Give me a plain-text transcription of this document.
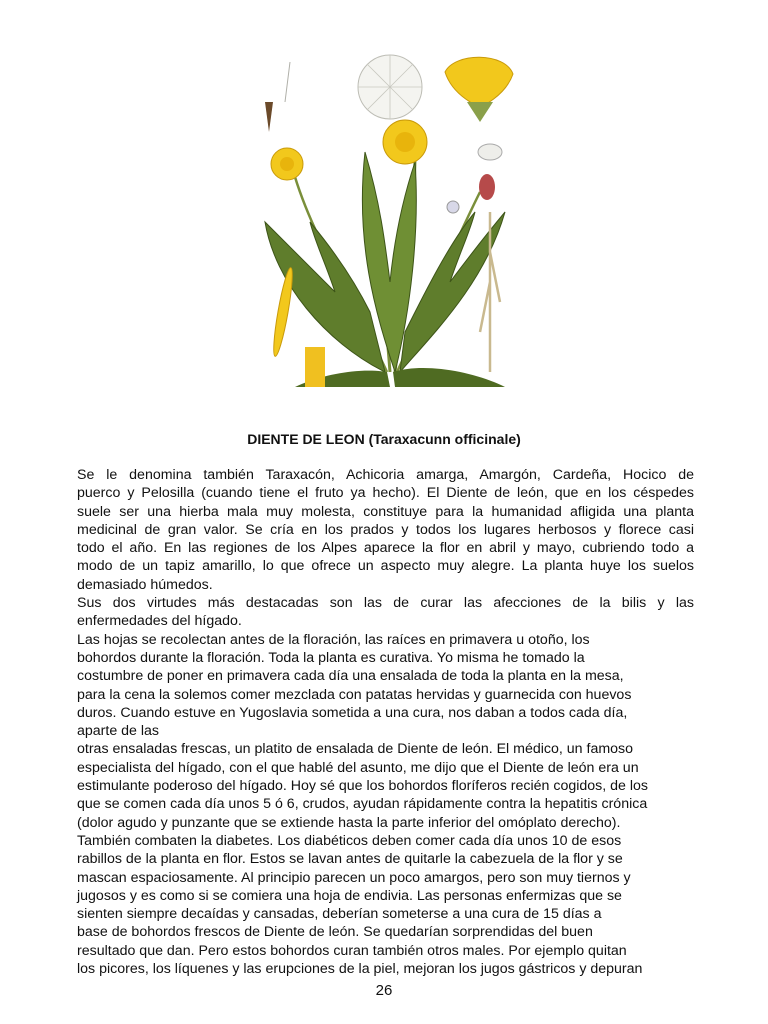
DIENTE DE LEON (Taraxacunn officinale)
Se le denomina también Taraxacón, Achicoria amarga, Amargón, Cardeña, Hocico de
puerco y Pelosilla (cuando tiene el fruto ya hecho). El Diente de león, que en los céspedes
suele ser una hierba mala muy molesta, constituye para la humanidad afligida una planta
medicinal de gran valor. Se cría en los prados y todos los lugares herbosos y florece casi
todo el año. En las regiones de los Alpes aparece la flor en abril y mayo, cubriendo todo a
modo de un tapiz amarillo, lo que ofrece un aspecto muy alegre. La planta huye los suelos
demasiado húmedos.
Sus dos virtudes más destacadas son las de curar las afecciones de la bilis y las
enfermedades del hígado.
Las hojas se recolectan antes de la floración, las raíces en primavera u otoño, los
bohordos durante la floración. Toda la planta es curativa. Yo misma he tomado la
costumbre de poner en primavera cada día una ensalada de toda la planta en la mesa,
para la cena la solemos comer mezclada con patatas hervidas y guarnecida con huevos
duros. Cuando estuve en Yugoslavia sometida a una cura, nos daban a todos cada día,
aparte de las
otras ensaladas frescas, un platito de ensalada de Diente de león. El médico, un famoso
especialista del hígado, con el que hablé del asunto, me dijo que el Diente de león era un
estimulante poderoso del hígado. Hoy sé que los bohordos floríferos recién cogidos, de los
que se comen cada día unos 5 ó 6, crudos, ayudan rápidamente contra la hepatitis crónica
(dolor agudo y punzante que se extiende hasta la parte inferior del omóplato derecho).
También combaten la diabetes. Los diabéticos deben comer cada día unos 10 de esos
rabillos de la planta en flor. Estos se lavan antes de quitarle la cabezuela de la flor y se
mascan espaciosamente. Al principio parecen un poco amargos, pero son muy tiernos y
jugosos y es como si se comiera una hoja de endivia. Las personas enfermizas que se
sienten siempre decaídas y cansadas, deberían someterse a una cura de 15 días a
base de bohordos frescos de Diente de león. Se quedarían sorprendidas del buen
resultado que dan. Pero estos bohordos curan también otros males. Por ejemplo quitan
los picores, los líquenes y las erupciones de la piel, mejoran los jugos gástricos y depuran
26
